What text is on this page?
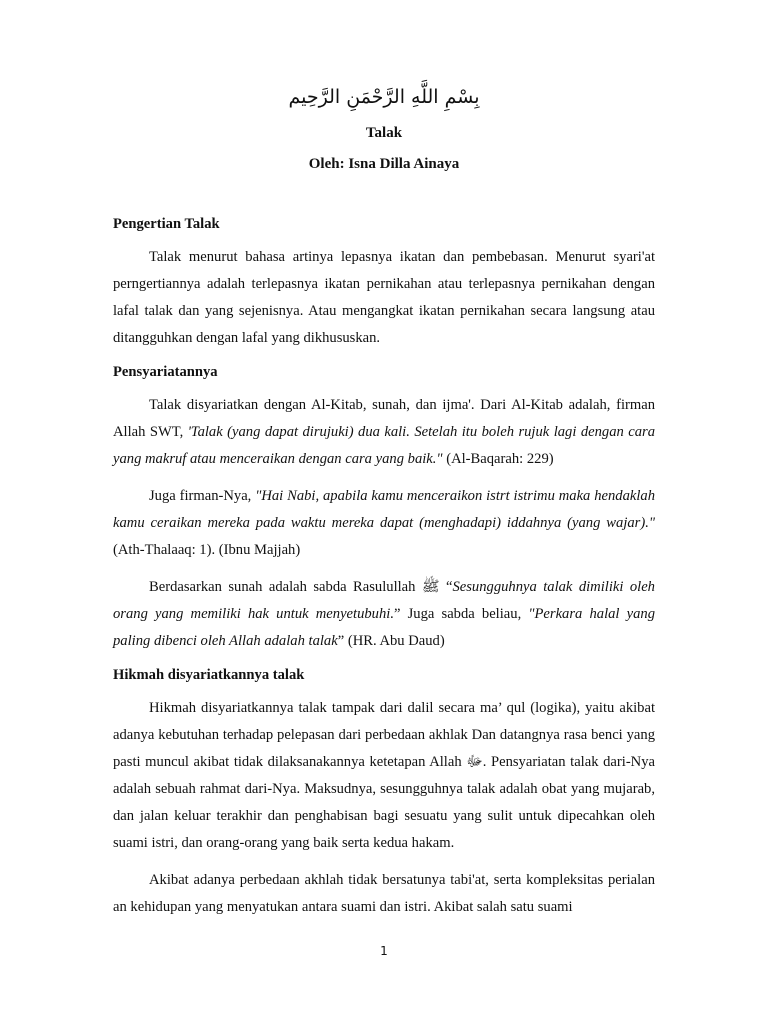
بِسْمِ اللَّهِ الرَّحْمَنِ الرَّحِيم
Talak
Oleh: Isna Dilla Ainaya
Pengertian Talak

Talak menurut bahasa artinya lepasnya ikatan dan pembebasan. Menurut syari'at perngertiannya adalah terlepasnya ikatan pernikahan atau terlepasnya pernikahan dengan lafal talak dan yang sejenisnya. Atau mengangkat ikatan pernikahan secara langsung atau ditangguhkan dengan lafal yang dikhususkan.

Pensyariatannya

Talak disyariatkan dengan Al-Kitab, sunah, dan ijma'. Dari Al-Kitab adalah, firman Allah SWT, 'Talak (yang dapat dirujuki) dua kali. Setelah itu boleh rujuk lagi dengan cara yang makruf atau menceraikan dengan cara yang baik." (Al-Baqarah: 229)

Juga firman-Nya, "Hai Nabi, apabila kamu menceraikon istrt istrimu maka hendaklah kamu ceraikan mereka pada waktu mereka dapat (menghadapi) iddahnya (yang wajar)." (Ath-Thalaaq: 1). (Ibnu Majjah)

Berdasarkan sunah adalah sabda Rasulullah ﷺ “Sesungguhnya talak dimiliki oleh orang yang memiliki hak untuk menyetubuhi.” Juga sabda beliau, "Perkara halal yang paling dibenci oleh Allah adalah talak” (HR. Abu Daud)

Hikmah disyariatkannya talak

Hikmah disyariatkannya talak tampak dari dalil secara ma’ qul (logika), yaitu akibat adanya kebutuhan terhadap pelepasan dari perbedaan akhlak Dan datangnya rasa benci yang pasti muncul akibat tidak dilaksanakannya ketetapan Allah ﷻ. Pensyariatan talak dari-Nya adalah sebuah rahmat dari-Nya. Maksudnya, sesungguhnya talak adalah obat yang mujarab, dan jalan keluar terakhir dan penghabisan bagi sesuatu yang sulit untuk dipecahkan oleh suami istri, dan orang-orang yang baik serta kedua hakam.

Akibat adanya perbedaan akhlah tidak bersatunya tabi'at, serta kompleksitas perialan an kehidupan yang menyatukan antara suami dan istri. Akibat salah satu suami

1
